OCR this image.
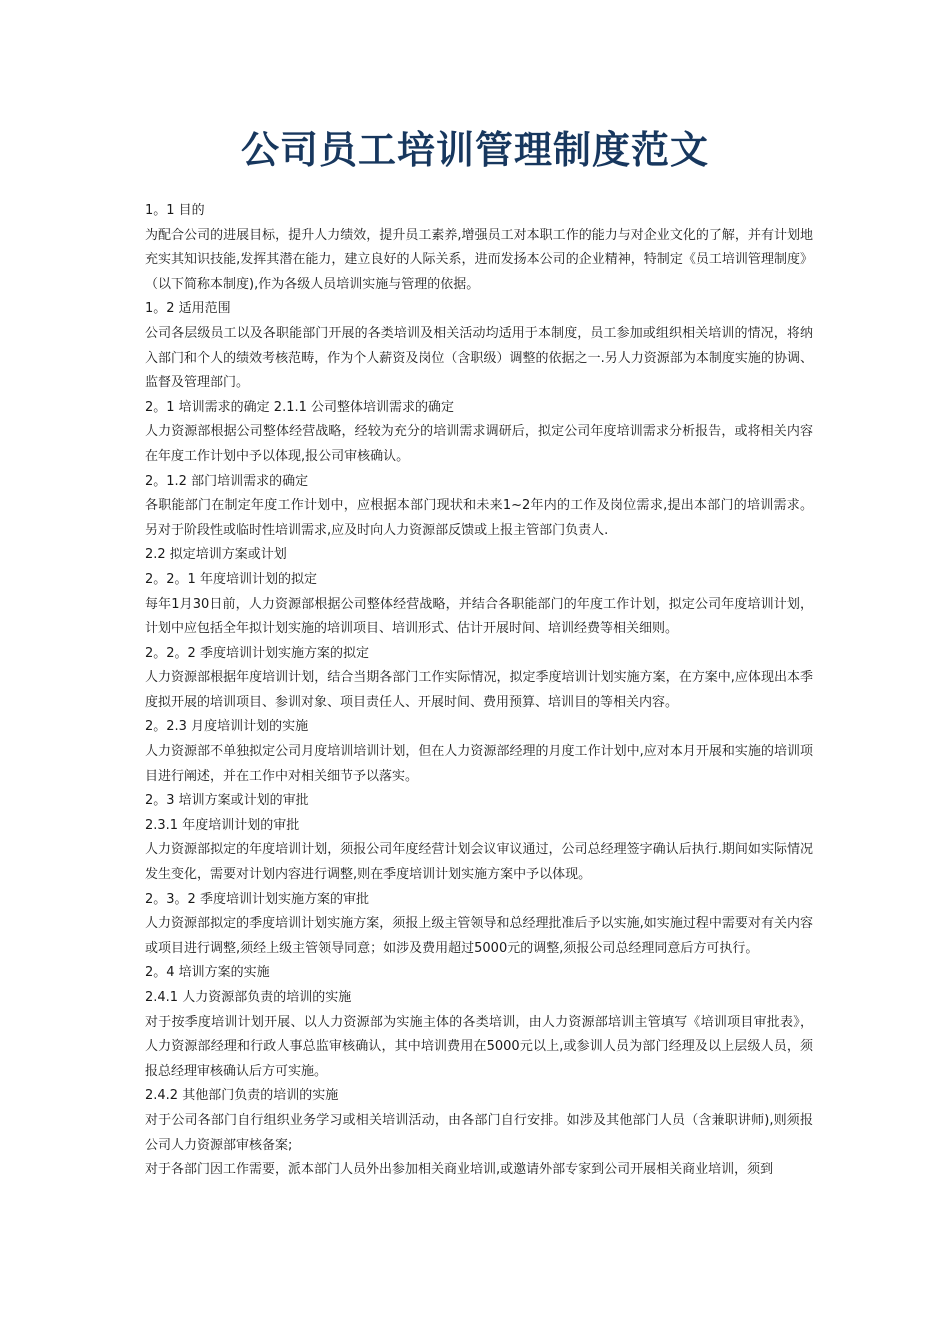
公司员工培训管理制度范文

1。1 目的

为配合公司的进展目标，提升人力绩效，提升员工素养,增强员工对本职工作的能力与对企业文化的了解，并有计划地充实其知识技能,发挥其潜在能力，建立良好的人际关系，进而发扬本公司的企业精神，特制定《员工培训管理制度》（以下简称本制度),作为各级人员培训实施与管理的依据。

1。2 适用范围

公司各层级员工以及各职能部门开展的各类培训及相关活动均适用于本制度，员工参加或组织相关培训的情况，将纳入部门和个人的绩效考核范畴，作为个人薪资及岗位（含职级）调整的依据之一.另人力资源部为本制度实施的协调、监督及管理部门。

2。1 培训需求的确定 2.1.1 公司整体培训需求的确定

人力资源部根据公司整体经营战略，经较为充分的培训需求调研后，拟定公司年度培训需求分析报告，或将相关内容在年度工作计划中予以体现,报公司审核确认。

2。1.2 部门培训需求的确定

各职能部门在制定年度工作计划中，应根据本部门现状和未来1~2年内的工作及岗位需求,提出本部门的培训需求。另对于阶段性或临时性培训需求,应及时向人力资源部反馈或上报主管部门负责人.

2.2 拟定培训方案或计划

2。2。1 年度培训计划的拟定

每年1月30日前，人力资源部根据公司整体经营战略，并结合各职能部门的年度工作计划，拟定公司年度培训计划，计划中应包括全年拟计划实施的培训项目、培训形式、估计开展时间、培训经费等相关细则。

2。2。2 季度培训计划实施方案的拟定

人力资源部根据年度培训计划，结合当期各部门工作实际情况，拟定季度培训计划实施方案，在方案中,应体现出本季度拟开展的培训项目、参训对象、项目责任人、开展时间、费用预算、培训目的等相关内容。

2。2.3 月度培训计划的实施

人力资源部不单独拟定公司月度培训培训计划，但在人力资源部经理的月度工作计划中,应对本月开展和实施的培训项目进行阐述，并在工作中对相关细节予以落实。

2。3 培训方案或计划的审批

2.3.1 年度培训计划的审批

人力资源部拟定的年度培训计划，须报公司年度经营计划会议审议通过，公司总经理签字确认后执行.期间如实际情况发生变化，需要对计划内容进行调整,则在季度培训计划实施方案中予以体现。

2。3。2 季度培训计划实施方案的审批

人力资源部拟定的季度培训计划实施方案，须报上级主管领导和总经理批准后予以实施,如实施过程中需要对有关内容或项目进行调整,须经上级主管领导同意；如涉及费用超过5000元的调整,须报公司总经理同意后方可执行。

2。4 培训方案的实施

2.4.1 人力资源部负责的培训的实施

对于按季度培训计划开展、以人力资源部为实施主体的各类培训，由人力资源部培训主管填写《培训项目审批表》，人力资源部经理和行政人事总监审核确认，其中培训费用在5000元以上,或参训人员为部门经理及以上层级人员，须报总经理审核确认后方可实施。

2.4.2 其他部门负责的培训的实施

对于公司各部门自行组织业务学习或相关培训活动，由各部门自行安排。如涉及其他部门人员（含兼职讲师),则须报公司人力资源部审核备案;

对于各部门因工作需要，派本部门人员外出参加相关商业培训,或邀请外部专家到公司开展相关商业培训，须到
